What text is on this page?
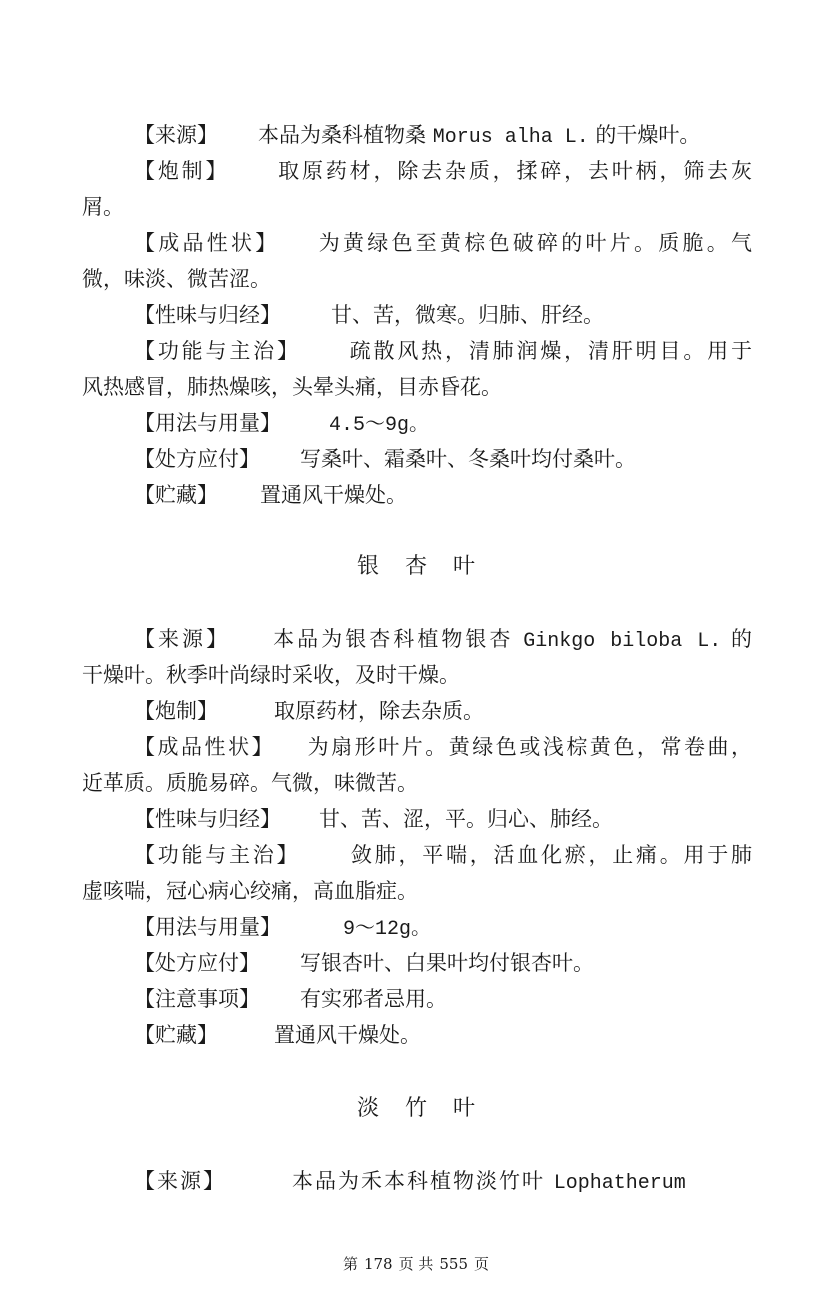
【来源】 本品为桑科植物桑 Morus alha L. 的干燥叶。
【炮制】 取原药材，除去杂质，揉碎，去叶柄，筛去灰
屑。
【成品性状】 为黄绿色至黄棕色破碎的叶片。质脆。气
微，味淡、微苦涩。
【性味与归经】 甘、苦，微寒。归肺、肝经。
【功能与主治】 疏散风热，清肺润燥，清肝明目。用于
风热感冒，肺热燥咳，头晕头痛，目赤昏花。
【用法与用量】 4.5～9g。
【处方应付】 写桑叶、霜桑叶、冬桑叶均付桑叶。
【贮藏】 置通风干燥处。
银杏叶
【来源】 本品为银杏科植物银杏 Ginkgo biloba L. 的
干燥叶。秋季叶尚绿时采收，及时干燥。
【炮制】	取原药材，除去杂质。
【成品性状】 为扇形叶片。黄绿色或浅棕黄色，常卷曲，
近革质。质脆易碎。气微，味微苦。
【性味与归经】 甘、苦、涩，平。归心、肺经。
【功能与主治】 敛肺，平喘，活血化瘀，止痛。用于肺
虚咳喘，冠心病心绞痛，高血脂症。
【用法与用量】	9～12g。
【处方应付】 写银杏叶、白果叶均付银杏叶。
【注意事项】 有实邪者忌用。
【贮藏】	置通风干燥处。
淡竹叶
【来源】	本品为禾本科植物淡竹叶 Lophatherum
第 178 页 共 555 页
